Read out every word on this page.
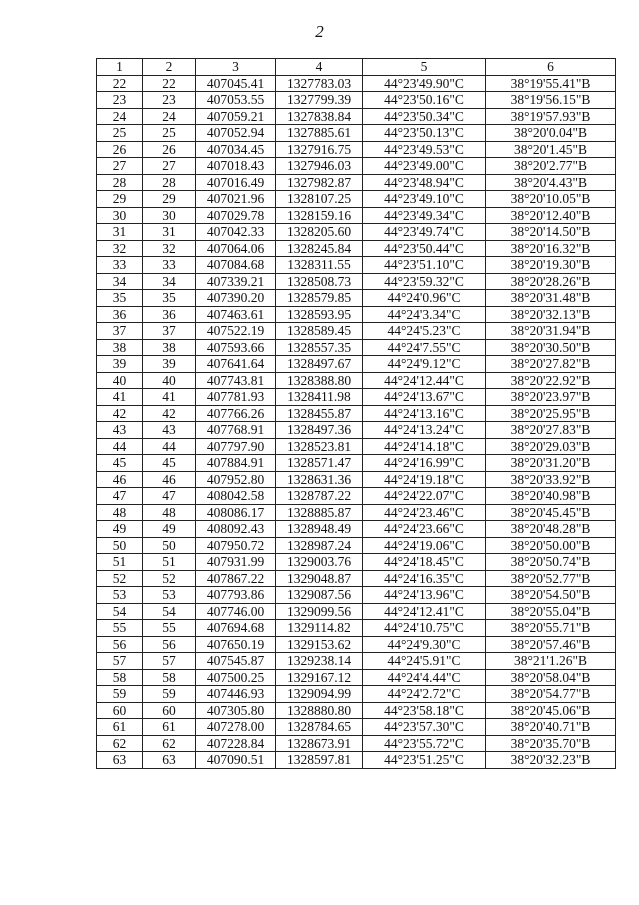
2
1	2	3	4	5	6
22	22	407045.41	1327783.03	44°23'49.90"С	38°19'55.41"В
23	23	407053.55	1327799.39	44°23'50.16"С	38°19'56.15"В
24	24	407059.21	1327838.84	44°23'50.34"С	38°19'57.93"В
25	25	407052.94	1327885.61	44°23'50.13"С	38°20'0.04"В
26	26	407034.45	1327916.75	44°23'49.53"С	38°20'1.45"В
27	27	407018.43	1327946.03	44°23'49.00"С	38°20'2.77"В
28	28	407016.49	1327982.87	44°23'48.94"С	38°20'4.43"В
29	29	407021.96	1328107.25	44°23'49.10"С	38°20'10.05"В
30	30	407029.78	1328159.16	44°23'49.34"С	38°20'12.40"В
31	31	407042.33	1328205.60	44°23'49.74"С	38°20'14.50"В
32	32	407064.06	1328245.84	44°23'50.44"С	38°20'16.32"В
33	33	407084.68	1328311.55	44°23'51.10"С	38°20'19.30"В
34	34	407339.21	1328508.73	44°23'59.32"С	38°20'28.26"В
35	35	407390.20	1328579.85	44°24'0.96"С	38°20'31.48"В
36	36	407463.61	1328593.95	44°24'3.34"С	38°20'32.13"В
37	37	407522.19	1328589.45	44°24'5.23"С	38°20'31.94"В
38	38	407593.66	1328557.35	44°24'7.55"С	38°20'30.50"В
39	39	407641.64	1328497.67	44°24'9.12"С	38°20'27.82"В
40	40	407743.81	1328388.80	44°24'12.44"С	38°20'22.92"В
41	41	407781.93	1328411.98	44°24'13.67"С	38°20'23.97"В
42	42	407766.26	1328455.87	44°24'13.16"С	38°20'25.95"В
43	43	407768.91	1328497.36	44°24'13.24"С	38°20'27.83"В
44	44	407797.90	1328523.81	44°24'14.18"С	38°20'29.03"В
45	45	407884.91	1328571.47	44°24'16.99"С	38°20'31.20"В
46	46	407952.80	1328631.36	44°24'19.18"С	38°20'33.92"В
47	47	408042.58	1328787.22	44°24'22.07"С	38°20'40.98"В
48	48	408086.17	1328885.87	44°24'23.46"С	38°20'45.45"В
49	49	408092.43	1328948.49	44°24'23.66"С	38°20'48.28"В
50	50	407950.72	1328987.24	44°24'19.06"С	38°20'50.00"В
51	51	407931.99	1329003.76	44°24'18.45"С	38°20'50.74"В
52	52	407867.22	1329048.87	44°24'16.35"С	38°20'52.77"В
53	53	407793.86	1329087.56	44°24'13.96"С	38°20'54.50"В
54	54	407746.00	1329099.56	44°24'12.41"С	38°20'55.04"В
55	55	407694.68	1329114.82	44°24'10.75"С	38°20'55.71"В
56	56	407650.19	1329153.62	44°24'9.30"С	38°20'57.46"В
57	57	407545.87	1329238.14	44°24'5.91"С	38°21'1.26"В
58	58	407500.25	1329167.12	44°24'4.44"С	38°20'58.04"В
59	59	407446.93	1329094.99	44°24'2.72"С	38°20'54.77"В
60	60	407305.80	1328880.80	44°23'58.18"С	38°20'45.06"В
61	61	407278.00	1328784.65	44°23'57.30"С	38°20'40.71"В
62	62	407228.84	1328673.91	44°23'55.72"С	38°20'35.70"В
63	63	407090.51	1328597.81	44°23'51.25"С	38°20'32.23"В
